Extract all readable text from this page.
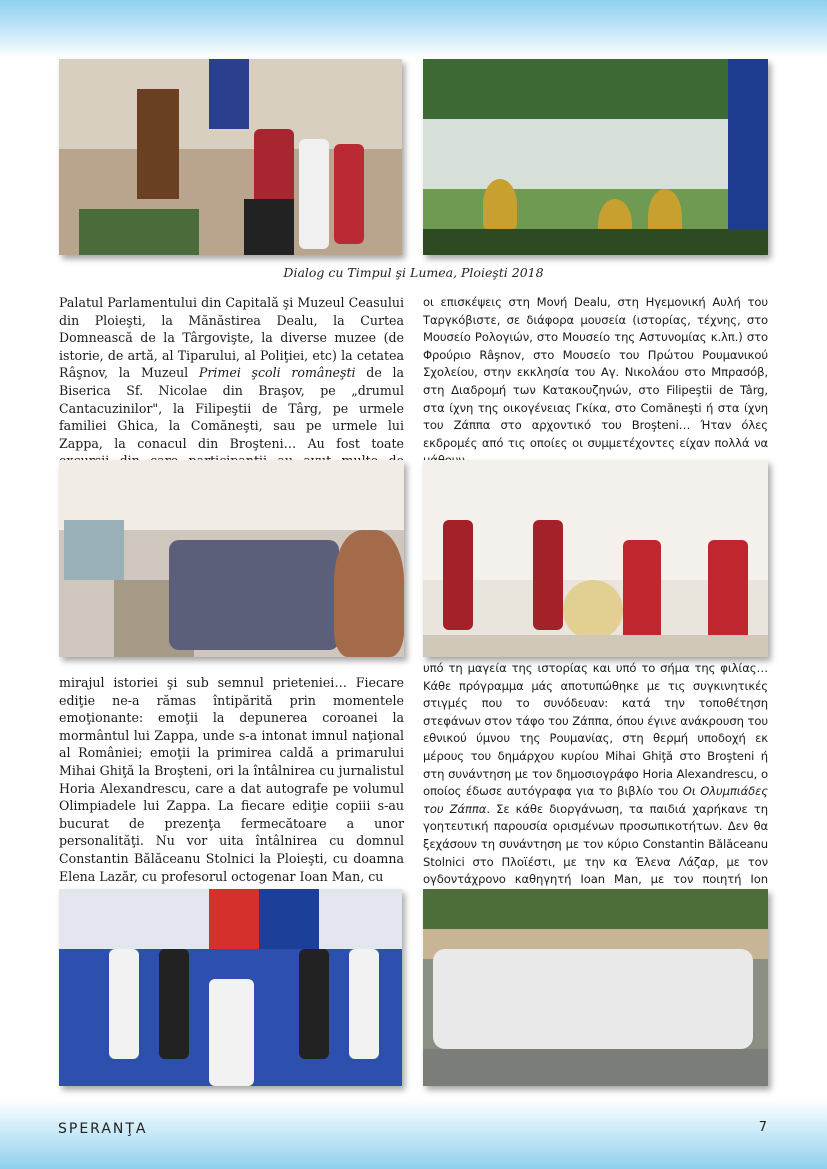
Dialog cu Timpul şi Lumea, Ploieşti 2018

Palatul Parlamentului din Capitală şi Muzeul Ceasului din Ploieşti, la Mănăstirea Dealu, la Curtea Domnească de la Târgovişte, la diverse muzee (de istorie, de artă, al Tiparului, al Poliţiei, etc) la cetatea Râşnov, la Muzeul Primei şcoli româneşti de la Biserica Sf. Nicolae din Braşov, pe „drumul Cantacuzinilor", la Filipeştii de Târg, pe urmele familiei Ghica, la Comăneşti, sau pe urmele lui Zappa, la conacul din Broşteni… Au fost toate

οι επισκέψεις στη Μονή Dealu, στη Ηγεμονική Αυλή του Ταργκόβιστε, σε διάφορα μουσεία (ιστορίας, τέχνης, στο Μουσείο Ρολογιών, στο Μουσείο της Αστυνομίας κ.λπ.) στο Φρούριο Râşnov, στο Μουσείο του Πρώτου Ρουμανικού Σχολείου, στην εκκλησία του Αγ. Νικολάου στο Μπρασόβ, στη Διαδρομή των Κατακουζηνών, στο Filipeştii de Târg, στα ίχνη της οικογένειας Γκίκα, στο Comăneşti ή στα ίχνη του Ζάππα στο αρχοντικό του Broşteni… Ήταν όλες εκδρομές από τις οποίες οι συμμετέχοντες είχαν πολλά να

mirajul istoriei şi sub semnul prieteniei… Fiecare ediţie ne-a rămas întipărită prin momentele emoţionante: emoţii la depunerea coroanei la mormântul lui Zappa, unde s-a intonat imnul naţional al României; emoţii la primirea caldă a primarului Mihai Ghiţă la Broşteni, ori la întâlnirea cu jurnalistul Horia Alexandrescu, care a dat autografe pe volumul Olimpiadele lui Zappa. La fiecare ediţie copiii s-au bucurat de prezenţa fermecătoare a unor personalităţi. Nu vor uita întâlnirea cu domnul Constantin Bălăceanu Stolnici la Ploieşti, cu doamna Elena Lazăr, cu profesorul octogenar Ioan Man, cu

υπό τη μαγεία της ιστορίας και υπό το σήμα της φιλίας… Κάθε πρόγραμμα μάς αποτυπώθηκε με τις συγκινητικές στιγμές που το συνόδευαν: κατά την τοποθέτηση στεφάνων στον τάφο του Ζάππα, όπου έγινε ανάκρουση του εθνικού ύμνου της Ρουμανίας, στη θερμή υποδοχή εκ μέρους του δημάρχου κυρίου Mihai Ghiţă στο Broşteni ή στη συνάντηση με τον δημοσιογράφο Horia Alexandrescu, ο οποίος έδωσε αυτόγραφα για το βιβλίο του Οι Ολυμπιάδες του Ζάππα. Σε κάθε διοργάνωση, τα παιδιά χαρήκανε τη γοητευτική παρουσία ορισμένων προσωπικοτήτων. Δεν θα ξεχάσουν τη συνάντηση με τον κύριο Constantin Bălăceanu Stolnici στο Πλοϊέστι, με την κα Έλενα Λάζαρ, με τον ογδοντάχρονο καθηγητή Ioan Man, με τον ποιητή Ion

SPERANŢA	7
